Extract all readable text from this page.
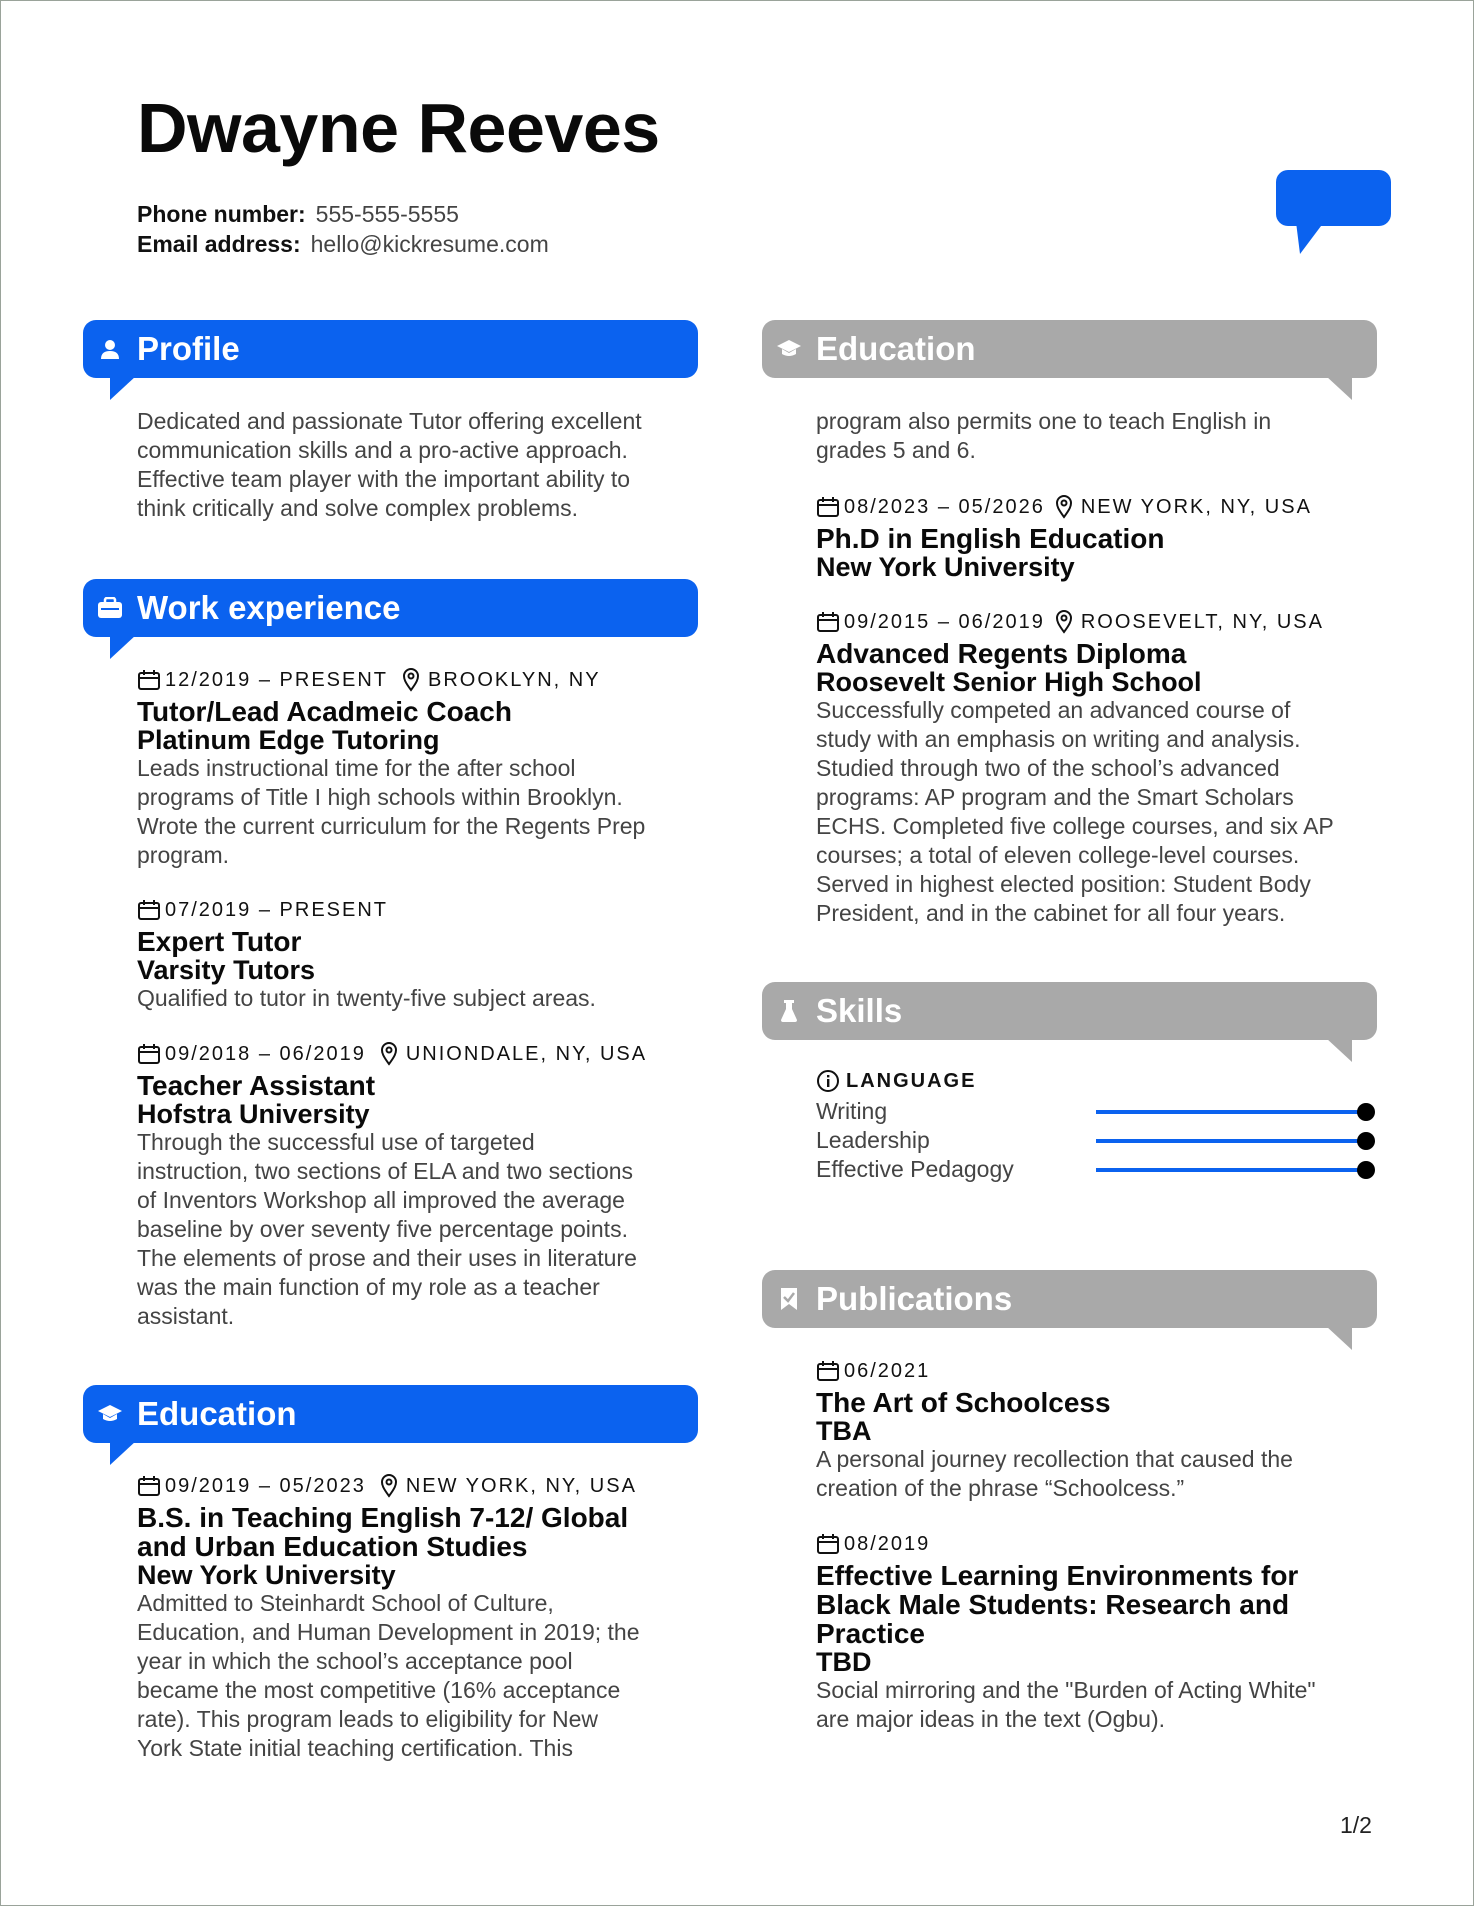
Dwayne Reeves
Phone number: 555-555-5555
Email address: hello@kickresume.com
Profile
Dedicated and passionate Tutor offering excellent
communication skills and a pro-active approach.
Effective team player with the important ability to
think critically and solve complex problems.
Work experience
12/2019 – PRESENT BROOKLYN, NY
Tutor/Lead Acadmeic Coach
Platinum Edge Tutoring
Leads instructional time for the after school
programs of Title I high schools within Brooklyn.
Wrote the current curriculum for the Regents Prep
program.
07/2019 – PRESENT
Expert Tutor
Varsity Tutors
Qualified to tutor in twenty-five subject areas.
09/2018 – 06/2019 UNIONDALE, NY, USA
Teacher Assistant
Hofstra University
Through the successful use of targeted
instruction, two sections of ELA and two sections
of Inventors Workshop all improved the average
baseline by over seventy five percentage points.
The elements of prose and their uses in literature
was the main function of my role as a teacher
assistant.
Education
09/2019 – 05/2023 NEW YORK, NY, USA
B.S. in Teaching English 7-12/ Global
and Urban Education Studies
New York University
Admitted to Steinhardt School of Culture,
Education, and Human Development in 2019; the
year in which the school’s acceptance pool
became the most competitive (16% acceptance
rate). This program leads to eligibility for New
York State initial teaching certification. This
Education
program also permits one to teach English in
grades 5 and 6.
08/2023 – 05/2026 NEW YORK, NY, USA
Ph.D in English Education
New York University
09/2015 – 06/2019 ROOSEVELT, NY, USA
Advanced Regents Diploma
Roosevelt Senior High School
Successfully competed an advanced course of
study with an emphasis on writing and analysis.
Studied through two of the school’s advanced
programs: AP program and the Smart Scholars
ECHS. Completed five college courses, and six AP
courses; a total of eleven college-level courses.
Served in highest elected position: Student Body
President, and in the cabinet for all four years.
Skills
LANGUAGE
Writing
Leadership
Effective Pedagogy
Publications
06/2021
The Art of Schoolcess
TBA
A personal journey recollection that caused the
creation of the phrase “Schoolcess.”
08/2019
Effective Learning Environments for
Black Male Students: Research and
Practice
TBD
Social mirroring and the "Burden of Acting White"
are major ideas in the text (Ogbu).
1/2
